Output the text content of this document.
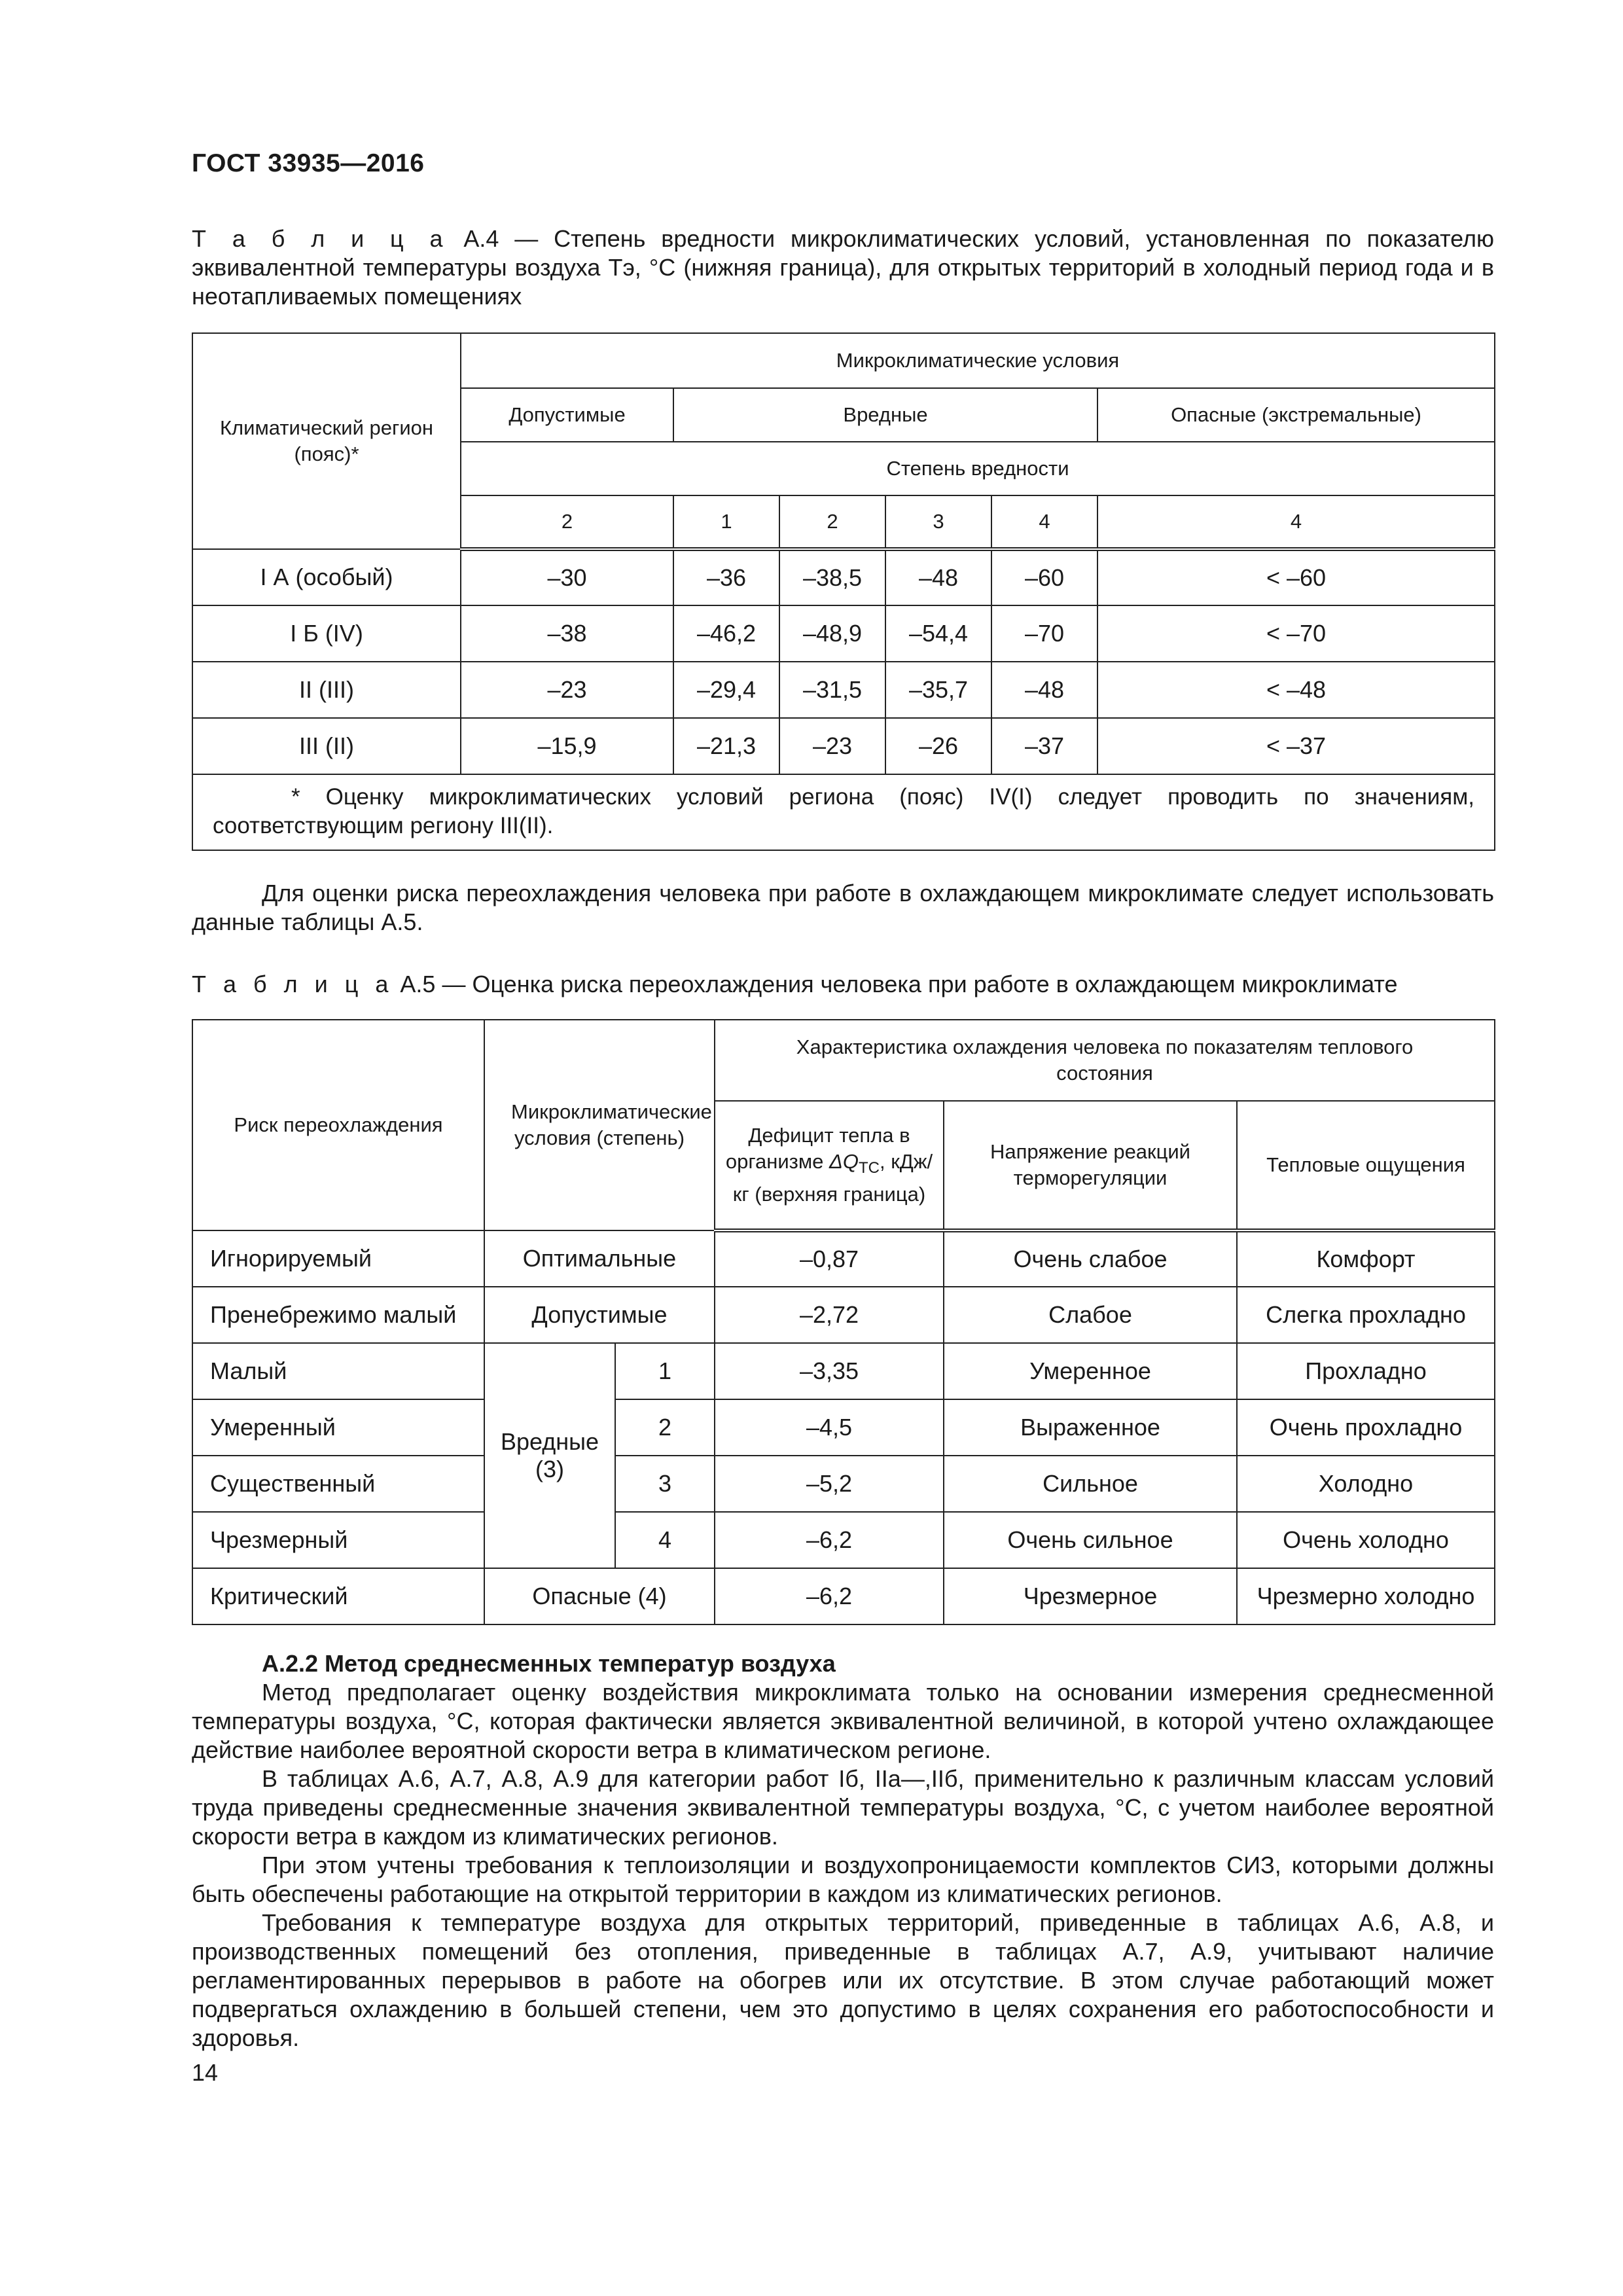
ГОСТ 33935—2016
Т а б л и ц а А.4 — Степень вредности микроклиматических условий, установленная по показателю эквивалентной температуры воздуха Tэ, °С (нижняя граница), для открытых территорий в холодный период года и в неотапливаемых помещениях
Климатический регион (пояс)*	Микроклиматические условия					
	Допустимые	Вредные				Опасные (экстремальные)
	Степень вредности					
	2	1	2	3	4	4
I А (особый)	–30	–36	–38,5	–48	–60	< –60
I Б (IV)	–38	–46,2	–48,9	–54,4	–70	< –70
II (III)	–23	–29,4	–31,5	–35,7	–48	< –48
III (II)	–15,9	–21,3	–23	–26	–37	< –37
* Оценку микроклиматических условий региона (пояс) IV(I) следует проводить по значениям, соответствующим региону III(II).						
Для оценки риска переохлаждения человека при работе в охлаждающем микроклимате следует использовать данные таблицы А.5.
Т а б л и ц а А.5 — Оценка риска переохлаждения человека при работе в охлаждающем микроклимате
Риск переохлаждения	Микроклиматические условия (степень)		Характеристика охлаждения человека по показателям теплового состояния		
			Дефицит тепла в организме $\Delta Q_{ТС}$, кДж/кг (верхняя граница)	Напряжение реакций терморегуляции	Тепловые ощущения
Игнорируемый	Оптимальные		–0,87	Очень слабое	Комфорт
Пренебрежимо малый	Допустимые		–2,72	Слабое	Слегка прохладно
Малый	Вредные (3)	1	–3,35	Умеренное	Прохладно
Умеренный		2	–4,5	Выраженное	Очень прохладно
Существенный		3	–5,2	Сильное	Холодно
Чрезмерный		4	–6,2	Очень сильное	Очень холодно
Критический	Опасные (4)		–6,2	Чрезмерное	Чрезмерно холодно
А.2.2 Метод среднесменных температур воздуха
Метод предполагает оценку воздействия микроклимата только на основании измерения среднесменной температуры воздуха, °С, которая фактически является эквивалентной величиной, в которой учтено охлаждающее действие наиболее вероятной скорости ветра в климатическом регионе.
В таблицах А.6, А.7, А.8, А.9 для категории работ Iб, IIа—,IIб, применительно к различным классам условий труда приведены среднесменные значения эквивалентной температуры воздуха, °С, с учетом наиболее вероятной скорости ветра в каждом из климатических регионов.
При этом учтены требования к теплоизоляции и воздухопроницаемости комплектов СИЗ, которыми должны быть обеспечены работающие на открытой территории в каждом из климатических регионов.
Требования к температуре воздуха для открытых территорий, приведенные в таблицах А.6, А.8, и производственных помещений без отопления, приведенные в таблицах А.7, А.9, учитывают наличие регламентированных перерывов в работе на обогрев или их отсутствие. В этом случае работающий может подвергаться охлаждению в большей степени, чем это допустимо в целях сохранения его работоспособности и здоровья.
14
